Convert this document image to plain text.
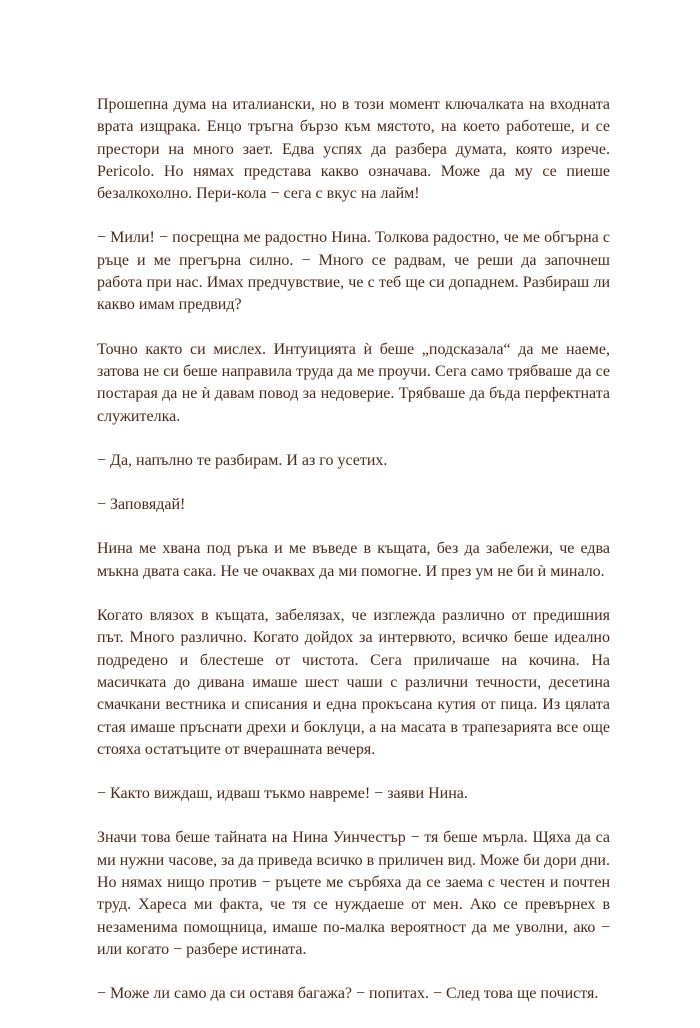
Прошепна дума на италиански, но в този момент ключалката на входната врата изщрака. Енцо тръгна бързо към мястото, на което работеше, и се престори на много зает. Едва успях да разбера думата, която изрече. Pericolo. Но нямах представа какво означава. Може да му се пиеше безалкохолно. Пери-кола − сега с вкус на лайм!

− Мили! − посрещна ме радостно Нина. Толкова радостно, че ме обгърна с ръце и ме прегърна силно. − Много се радвам, че реши да започнеш работа при нас. Имах предчувствие, че с теб ще си допаднем. Разбираш ли какво имам предвид?

Точно както си мислех. Интуицията ѝ беше „подсказала“ да ме наеме, затова не си беше направила труда да ме проучи. Сега само трябваше да се постарая да не ѝ давам повод за недоверие. Трябваше да бъда перфектната служителка.

− Да, напълно те разбирам. И аз го усетих.

− Заповядай!

Нина ме хвана под ръка и ме въведе в къщата, без да забележи, че едва мъкна двата сака. Не че очаквах да ми помогне. И през ум не би ѝ минало.

Когато влязох в къщата, забелязах, че изглежда различно от предишния път. Много различно. Когато дойдох за интервюто, всичко беше идеално подредено и блестеше от чистота. Сега приличаше на кочина. На масичката до дивана имаше шест чаши с различни течности, десетина смачкани вестника и списания и една прокъсана кутия от пица. Из цялата стая имаше пръснати дрехи и боклуци, а на масата в трапезарията все още стояха остатъците от вчерашната вечеря.

− Както виждаш, идваш тъкмо навреме! − заяви Нина.

Значи това беше тайната на Нина Уинчестър − тя беше мърла. Щяха да са ми нужни часове, за да приведа всичко в приличен вид. Може би дори дни. Но нямах нищо против − ръцете ме сърбяха да се заема с честен и почтен труд. Хареса ми факта, че тя се нуждаеше от мен. Ако се превърнех в незаменима помощница, имаше по-малка вероятност да ме уволни, ако − или когато − разбере истината.

− Може ли само да си оставя багажа? − попитах. − След това ще почистя.
